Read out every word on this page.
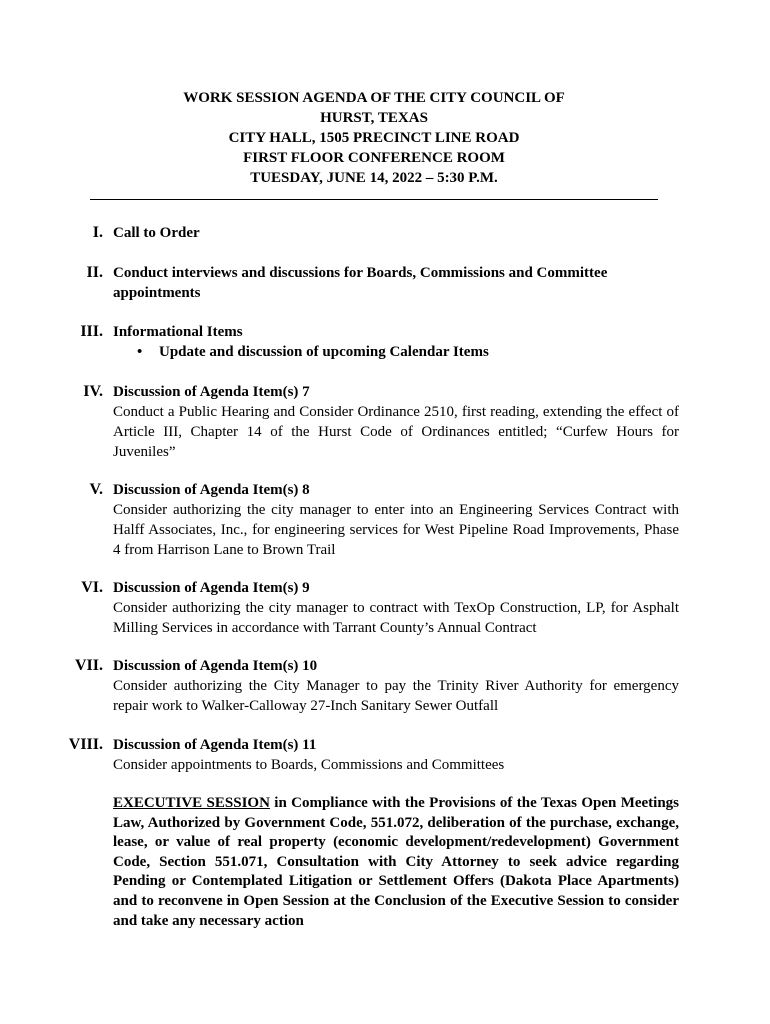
WORK SESSION AGENDA OF THE CITY COUNCIL OF
HURST, TEXAS
CITY HALL, 1505 PRECINCT LINE ROAD
FIRST FLOOR CONFERENCE ROOM
TUESDAY, JUNE 14, 2022 – 5:30 P.M.
I. Call to Order
II. Conduct interviews and discussions for Boards, Commissions and Committee appointments
III. Informational Items
• Update and discussion of upcoming Calendar Items
IV. Discussion of Agenda Item(s) 7
Conduct a Public Hearing and Consider Ordinance 2510, first reading, extending the effect of Article III, Chapter 14 of the Hurst Code of Ordinances entitled; “Curfew Hours for Juveniles”
V. Discussion of Agenda Item(s) 8
Consider authorizing the city manager to enter into an Engineering Services Contract with Halff Associates, Inc., for engineering services for West Pipeline Road Improvements, Phase 4 from Harrison Lane to Brown Trail
VI. Discussion of Agenda Item(s) 9
Consider authorizing the city manager to contract with TexOp Construction, LP, for Asphalt Milling Services in accordance with Tarrant County’s Annual Contract
VII. Discussion of Agenda Item(s) 10
Consider authorizing the City Manager to pay the Trinity River Authority for emergency repair work to Walker-Calloway 27-Inch Sanitary Sewer Outfall
VIII. Discussion of Agenda Item(s) 11
Consider appointments to Boards, Commissions and Committees
EXECUTIVE SESSION in Compliance with the Provisions of the Texas Open Meetings Law, Authorized by Government Code, 551.072, deliberation of the purchase, exchange, lease, or value of real property (economic development/redevelopment) Government Code, Section 551.071, Consultation with City Attorney to seek advice regarding Pending or Contemplated Litigation or Settlement Offers (Dakota Place Apartments) and to reconvene in Open Session at the Conclusion of the Executive Session to consider and take any necessary action
